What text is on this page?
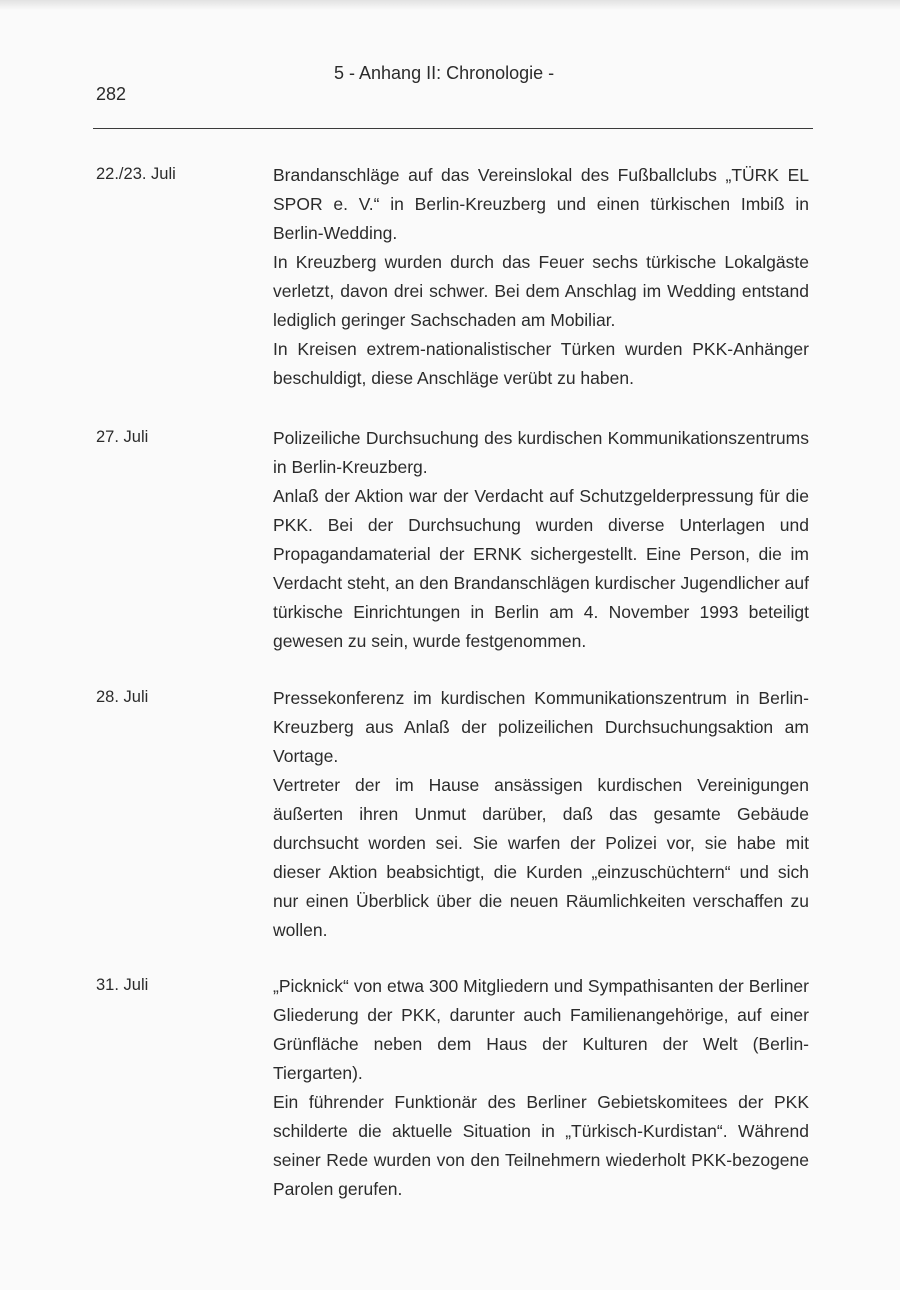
282
5 - Anhang II: Chronologie -
22./23. Juli	Brandanschläge auf das Vereinslokal des Fußballclubs „TÜRK EL SPOR e. V.“ in Berlin-Kreuzberg und einen türkischen Imbiß in Berlin-Wedding.

In Kreuzberg wurden durch das Feuer sechs türkische Lokalgäste verletzt, davon drei schwer. Bei dem Anschlag im Wedding entstand lediglich geringer Sachschaden am Mobiliar.

In Kreisen extrem-nationalistischer Türken wurden PKK-Anhänger beschuldigt, diese Anschläge verübt zu haben.

27. Juli	Polizeiliche Durchsuchung des kurdischen Kommunikationszentrums in Berlin-Kreuzberg.

Anlaß der Aktion war der Verdacht auf Schutzgelderpressung für die PKK. Bei der Durchsuchung wurden diverse Unterlagen und Propagandamaterial der ERNK sichergestellt. Eine Person, die im Verdacht steht, an den Brandanschlägen kurdischer Jugendlicher auf türkische Einrichtungen in Berlin am 4. November 1993 beteiligt gewesen zu sein, wurde festgenommen.

28. Juli	Pressekonferenz im kurdischen Kommunikationszentrum in Berlin-Kreuzberg aus Anlaß der polizeilichen Durchsuchungsaktion am Vortage.

Vertreter der im Hause ansässigen kurdischen Vereinigungen äußerten ihren Unmut darüber, daß das gesamte Gebäude durchsucht worden sei. Sie warfen der Polizei vor, sie habe mit dieser Aktion beabsichtigt, die Kurden „einzuschüchtern“ und sich nur einen Überblick über die neuen Räumlichkeiten verschaffen zu wollen.

31. Juli	„Picknick“ von etwa 300 Mitgliedern und Sympathisanten der Berliner Gliederung der PKK, darunter auch Familienangehörige, auf einer Grünfläche neben dem Haus der Kulturen der Welt (Berlin-Tiergarten).

Ein führender Funktionär des Berliner Gebietskomitees der PKK schilderte die aktuelle Situation in „Türkisch-Kurdistan“. Während seiner Rede wurden von den Teilnehmern wiederholt PKK-bezogene Parolen gerufen.
